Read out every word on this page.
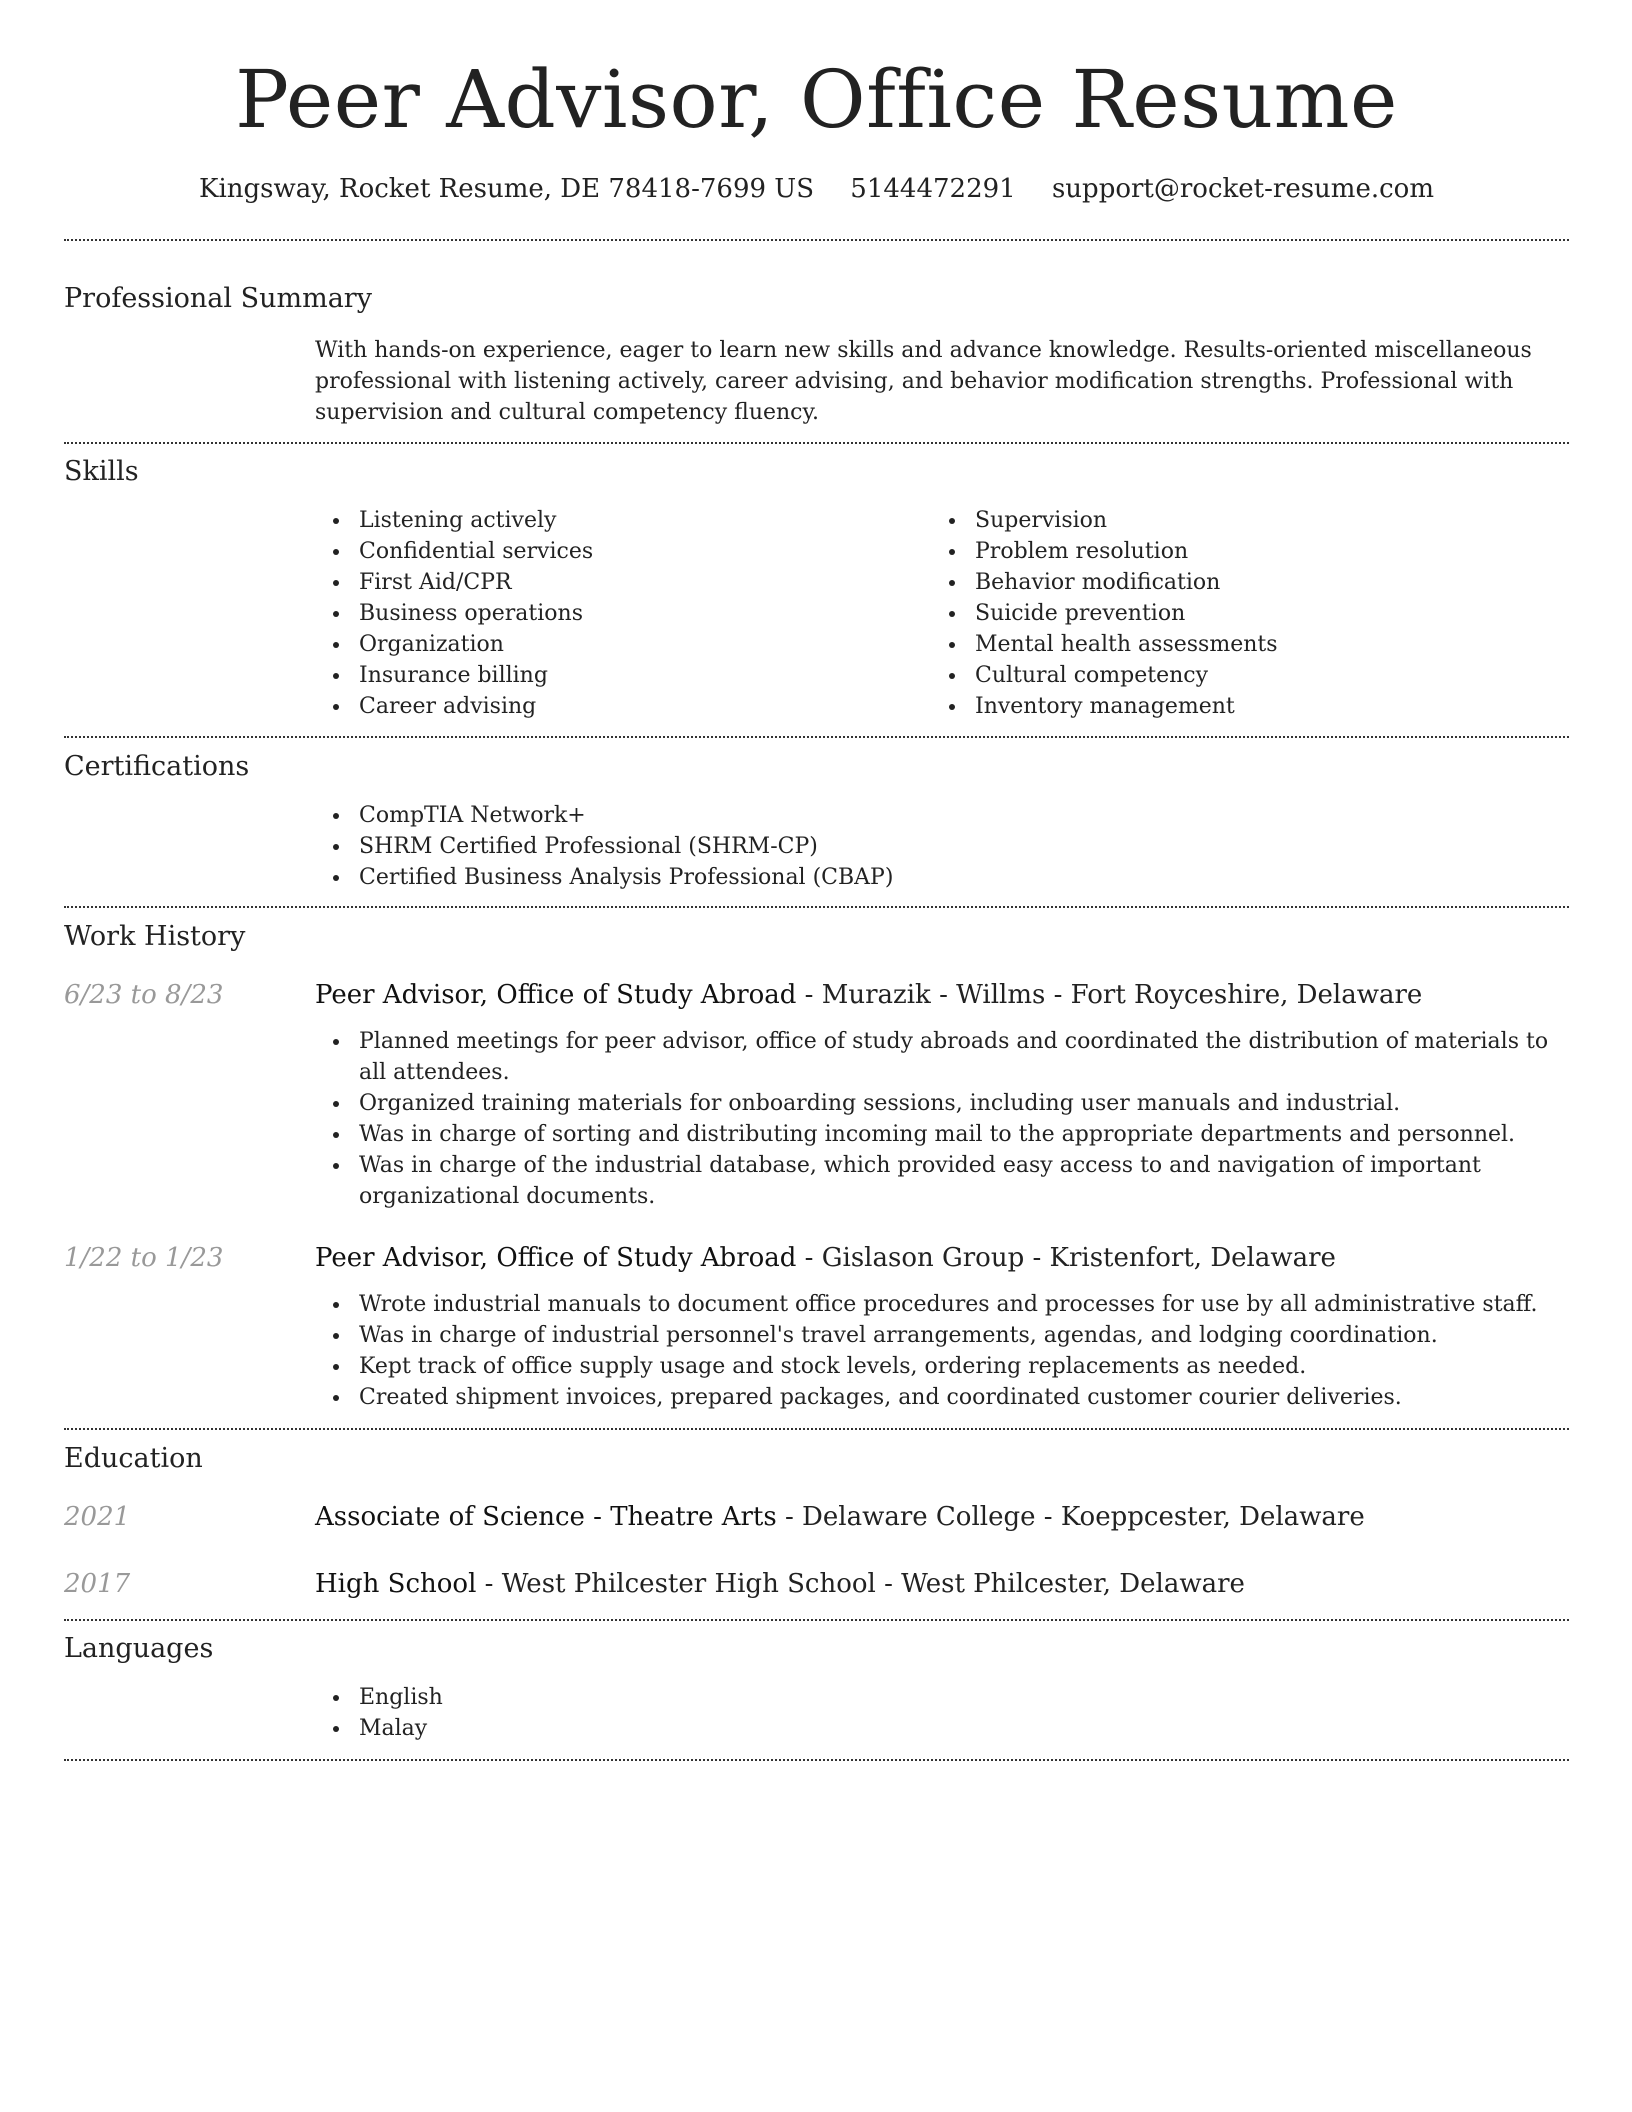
Peer Advisor, Office Resume
Kingsway, Rocket Resume, DE 78418-7699 US 5144472291 support@rocket-resume.com
Professional Summary
With hands-on experience, eager to learn new skills and advance knowledge. Results-oriented miscellaneous professional with listening actively, career advising, and behavior modification strengths. Professional with supervision and cultural competency fluency.
Skills
Listening actively
Confidential services
First Aid/CPR
Business operations
Organization
Insurance billing
Career advising
Supervision
Problem resolution
Behavior modification
Suicide prevention
Mental health assessments
Cultural competency
Inventory management
Certifications
CompTIA Network+
SHRM Certified Professional (SHRM-CP)
Certified Business Analysis Professional (CBAP)
Work History
6/23 to 8/23	Peer Advisor, Office of Study Abroad - Murazik - Willms - Fort Royceshire, Delaware
Planned meetings for peer advisor, office of study abroads and coordinated the distribution of materials to all attendees.
Organized training materials for onboarding sessions, including user manuals and industrial.
Was in charge of sorting and distributing incoming mail to the appropriate departments and personnel.
Was in charge of the industrial database, which provided easy access to and navigation of important organizational documents.
1/22 to 1/23	Peer Advisor, Office of Study Abroad - Gislason Group - Kristenfort, Delaware
Wrote industrial manuals to document office procedures and processes for use by all administrative staff.
Was in charge of industrial personnel's travel arrangements, agendas, and lodging coordination.
Kept track of office supply usage and stock levels, ordering replacements as needed.
Created shipment invoices, prepared packages, and coordinated customer courier deliveries.
Education
2021	Associate of Science - Theatre Arts - Delaware College - Koeppcester, Delaware
2017	High School - West Philcester High School - West Philcester, Delaware
Languages
English
Malay
